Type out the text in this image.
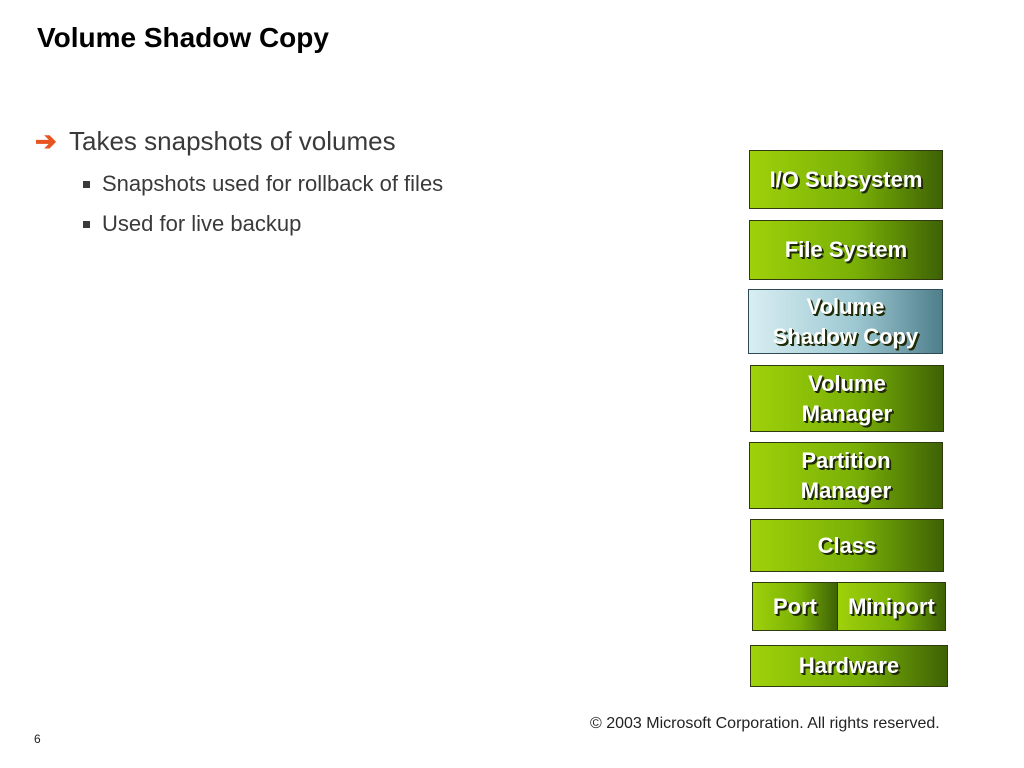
Volume Shadow Copy
➔ Takes snapshots of volumes
Snapshots used for rollback of files
Used for live backup
I/O Subsystem
File System
Volume
Shadow Copy
Volume
Manager
Partition
Manager
Class
Port Miniport
Hardware
© 2003 Microsoft Corporation. All rights reserved.
6
